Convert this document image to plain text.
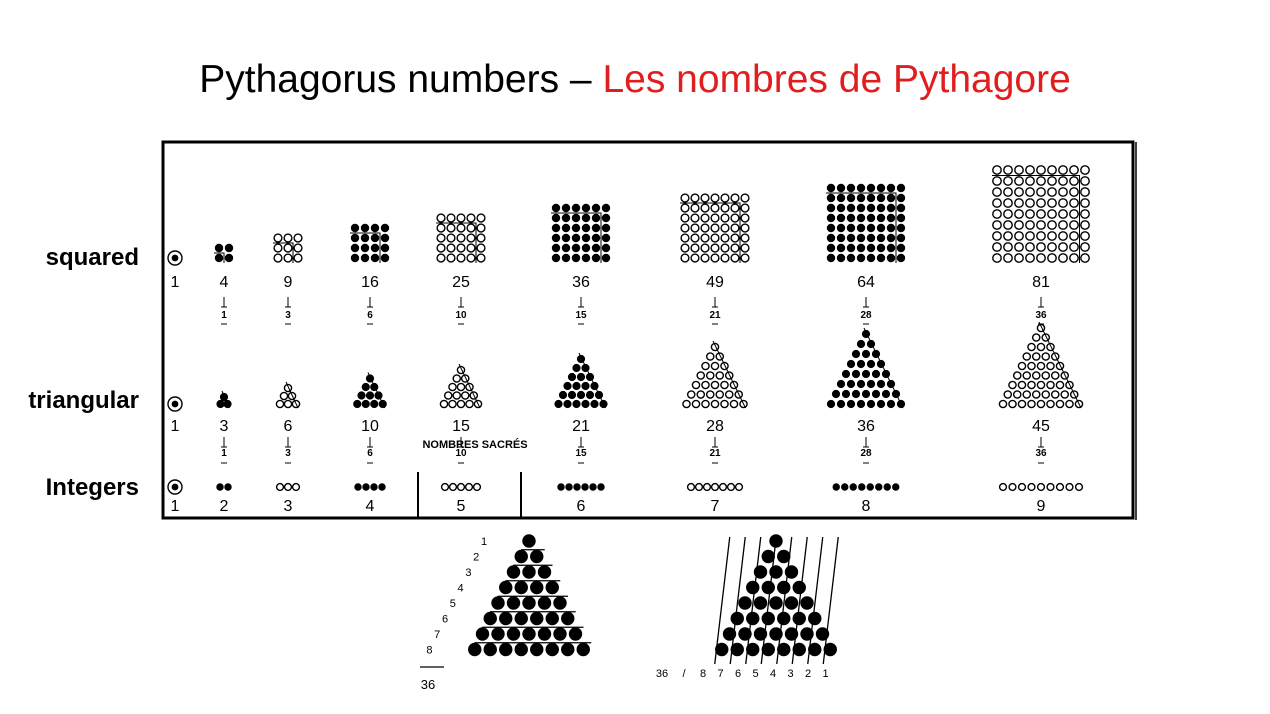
Pythagorus numbers – Les nombres de Pythagore
squared
triangular
Integers
1	4	9	16	25	36	49	64	81
1	3	6	10	15	21	28	36
1	3	6	10	15	21	28	36	45
1	3	6	10	15	21	28	36
NOMBRES SACRÉS
1	2	3	4	5	6	7	8	9
1
2
3
4
5
6
7
8
36
36 / 8 7 6 5 4 3 2 1
